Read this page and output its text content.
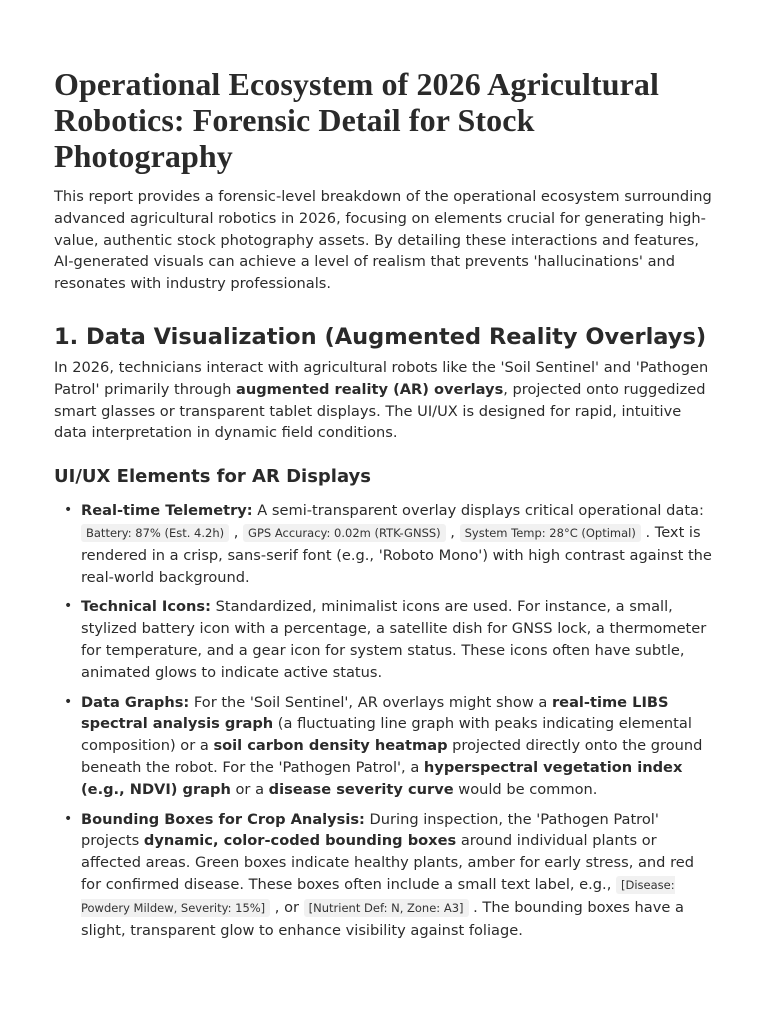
Operational Ecosystem of 2026 Agricultural Robotics: Forensic Detail for Stock Photography

This report provides a forensic-level breakdown of the operational ecosystem surrounding advanced agricultural robotics in 2026, focusing on elements crucial for generating high-value, authentic stock photography assets. By detailing these interactions and features, AI-generated visuals can achieve a level of realism that prevents 'hallucinations' and resonates with industry professionals.

1. Data Visualization (Augmented Reality Overlays)

In 2026, technicians interact with agricultural robots like the 'Soil Sentinel' and 'Pathogen Patrol' primarily through augmented reality (AR) overlays, projected onto ruggedized smart glasses or transparent tablet displays. The UI/UX is designed for rapid, intuitive data interpretation in dynamic field conditions.

UI/UX Elements for AR Displays
• Real-time Telemetry: A semi-transparent overlay displays critical operational data: Battery: 87% (Est. 4.2h) , GPS Accuracy: 0.02m (RTK-GNSS) , System Temp: 28°C (Optimal) . Text is rendered in a crisp, sans-serif font (e.g., 'Roboto Mono') with high contrast against the real-world background.
• Technical Icons: Standardized, minimalist icons are used. For instance, a small, stylized battery icon with a percentage, a satellite dish for GNSS lock, a thermometer for temperature, and a gear icon for system status. These icons often have subtle, animated glows to indicate active status.
• Data Graphs: For the 'Soil Sentinel', AR overlays might show a real-time LIBS spectral analysis graph (a fluctuating line graph with peaks indicating elemental composition) or a soil carbon density heatmap projected directly onto the ground beneath the robot. For the 'Pathogen Patrol', a hyperspectral vegetation index (e.g., NDVI) graph or a disease severity curve would be common.
• Bounding Boxes for Crop Analysis: During inspection, the 'Pathogen Patrol' projects dynamic, color-coded bounding boxes around individual plants or affected areas. Green boxes indicate healthy plants, amber for early stress, and red for confirmed disease. These boxes often include a small text label, e.g., [Disease: Powdery Mildew, Severity: 15%] , or [Nutrient Def: N, Zone: A3] . The bounding boxes have a slight, transparent glow to enhance visibility against foliage.
